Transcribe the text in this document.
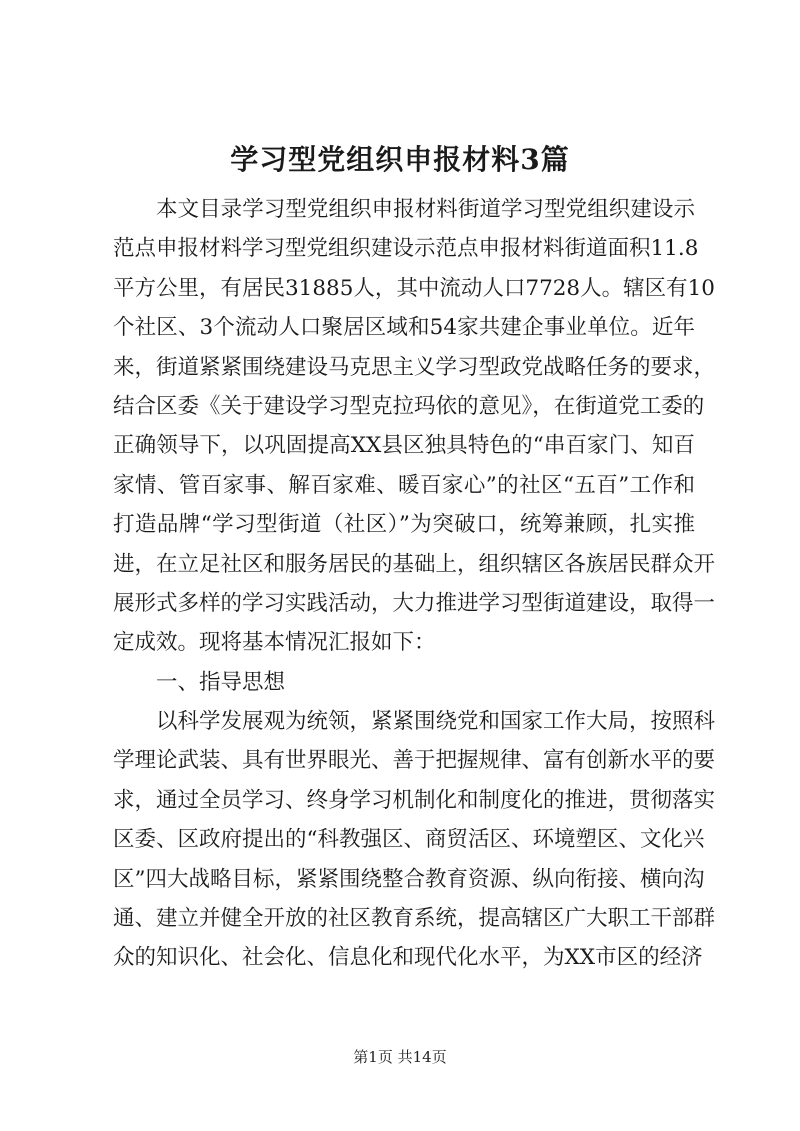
学习型党组织申报材料3篇
本文目录学习型党组织申报材料街道学习型党组织建设示
范点申报材料学习型党组织建设示范点申报材料街道面积11.8
平方公里，有居民31885人，其中流动人口7728人。辖区有10
个社区、3个流动人口聚居区域和54家共建企事业单位。近年
来，街道紧紧围绕建设马克思主义学习型政党战略任务的要求，
结合区委《关于建设学习型克拉玛依的意见》，在街道党工委的
正确领导下，以巩固提高XX县区独具特色的“串百家门、知百
家情、管百家事、解百家难、暖百家心”的社区“五百”工作和
打造品牌“学习型街道（社区）”为突破口，统筹兼顾，扎实推
进，在立足社区和服务居民的基础上，组织辖区各族居民群众开
展形式多样的学习实践活动，大力推进学习型街道建设，取得一
定成效。现将基本情况汇报如下：
一、指导思想
以科学发展观为统领，紧紧围绕党和国家工作大局，按照科
学理论武装、具有世界眼光、善于把握规律、富有创新水平的要
求，通过全员学习、终身学习机制化和制度化的推进，贯彻落实
区委、区政府提出的“科教强区、商贸活区、环境塑区、文化兴
区”四大战略目标，紧紧围绕整合教育资源、纵向衔接、横向沟
通、建立并健全开放的社区教育系统，提高辖区广大职工干部群
众的知识化、社会化、信息化和现代化水平，为XX市区的经济
第1页 共14页
